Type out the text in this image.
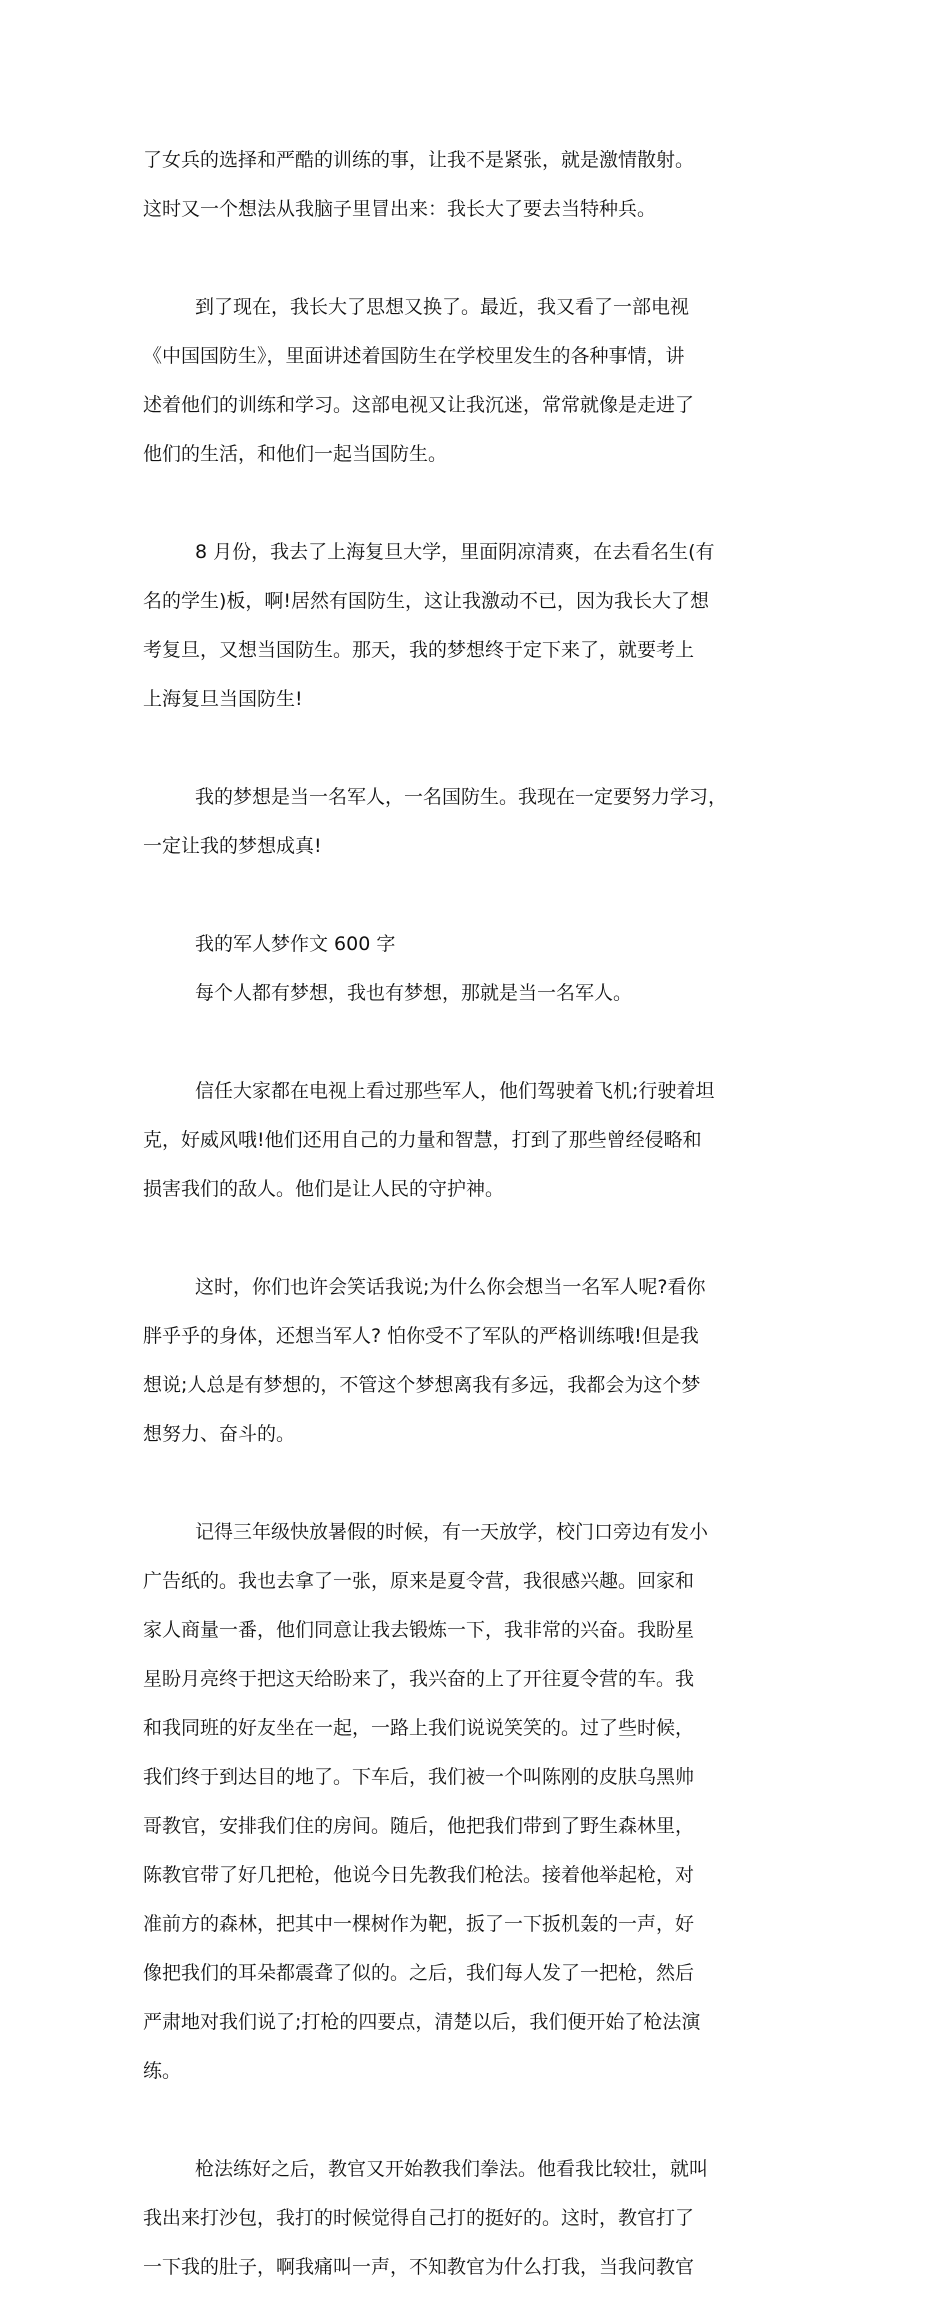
了女兵的选择和严酷的训练的事，让我不是紧张，就是激情散射。

这时又一个想法从我脑子里冒出来：我长大了要去当特种兵。

到了现在，我长大了思想又换了。最近，我又看了一部电视

《中国国防生》，里面讲述着国防生在学校里发生的各种事情，讲

述着他们的训练和学习。这部电视又让我沉迷，常常就像是走进了

他们的生活，和他们一起当国防生。

8 月份，我去了上海复旦大学，里面阴凉清爽，在去看名生(有

名的学生)板，啊!居然有国防生，这让我激动不已，因为我长大了想

考复旦，又想当国防生。那天，我的梦想终于定下来了，就要考上

上海复旦当国防生!

我的梦想是当一名军人，一名国防生。我现在一定要努力学习，

一定让我的梦想成真!

我的军人梦作文 600 字

每个人都有梦想，我也有梦想，那就是当一名军人。

信任大家都在电视上看过那些军人，他们驾驶着飞机;行驶着坦

克，好威风哦!他们还用自己的力量和智慧，打到了那些曾经侵略和

损害我们的敌人。他们是让人民的守护神。

这时，你们也许会笑话我说;为什么你会想当一名军人呢?看你

胖乎乎的身体，还想当军人? 怕你受不了军队的严格训练哦!但是我

想说;人总是有梦想的，不管这个梦想离我有多远，我都会为这个梦

想努力、奋斗的。

记得三年级快放暑假的时候，有一天放学，校门口旁边有发小

广告纸的。我也去拿了一张，原来是夏令营，我很感兴趣。回家和

家人商量一番，他们同意让我去锻炼一下，我非常的兴奋。我盼星

星盼月亮终于把这天给盼来了，我兴奋的上了开往夏令营的车。我

和我同班的好友坐在一起，一路上我们说说笑笑的。过了些时候，

我们终于到达目的地了。下车后，我们被一个叫陈刚的皮肤乌黑帅

哥教官，安排我们住的房间。随后，他把我们带到了野生森林里，

陈教官带了好几把枪，他说今日先教我们枪法。接着他举起枪，对

准前方的森林，把其中一棵树作为靶，扳了一下扳机轰的一声，好

像把我们的耳朵都震聋了似的。之后，我们每人发了一把枪，然后

严肃地对我们说了;打枪的四要点，清楚以后，我们便开始了枪法演

练。

枪法练好之后，教官又开始教我们拳法。他看我比较壮，就叫

我出来打沙包，我打的时候觉得自己打的挺好的。这时，教官打了

一下我的肚子，啊我痛叫一声，不知教官为什么打我，当我问教官
